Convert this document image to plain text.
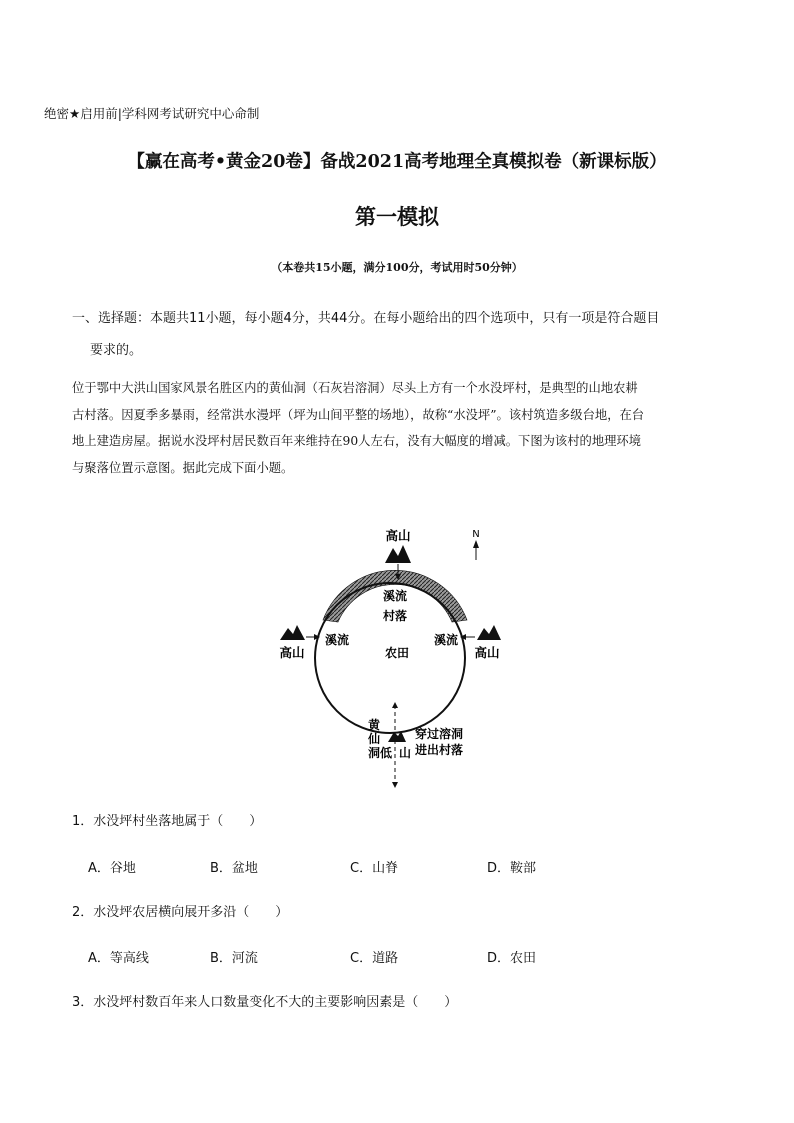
绝密★启用前|学科网考试研究中心命制
【赢在高考•黄金20卷】备战2021高考地理全真模拟卷（新课标版）
第一模拟
（本卷共15小题，满分100分，考试用时50分钟）
一、选择题：本题共11小题，每小题4分，共44分。在每小题给出的四个选项中，只有一项是符合题目
要求的。
位于鄂中大洪山国家风景名胜区内的黄仙洞（石灰岩溶洞）尽头上方有一个水没坪村，是典型的山地农耕
古村落。因夏季多暴雨，经常洪水漫坪（坪为山间平整的场地），故称“水没坪”。该村筑造多级台地，在台
地上建造房屋。据说水没坪村居民数百年来维持在90人左右，没有大幅度的增减。下图为该村的地理环境
与聚落位置示意图。据此完成下面小题。
N
高山
高山	高山
溪流
村落
溪流	溪流
农田
黄
仙
洞 低 山
穿过溶洞
进出村落
1．水没坪村坐落地属于（　　）
A．谷地	B．盆地	C．山脊	D．鞍部
2．水没坪农居横向展开多沿（　　）
A．等高线	B．河流	C．道路	D．农田
3．水没坪村数百年来人口数量变化不大的主要影响因素是（　　）
